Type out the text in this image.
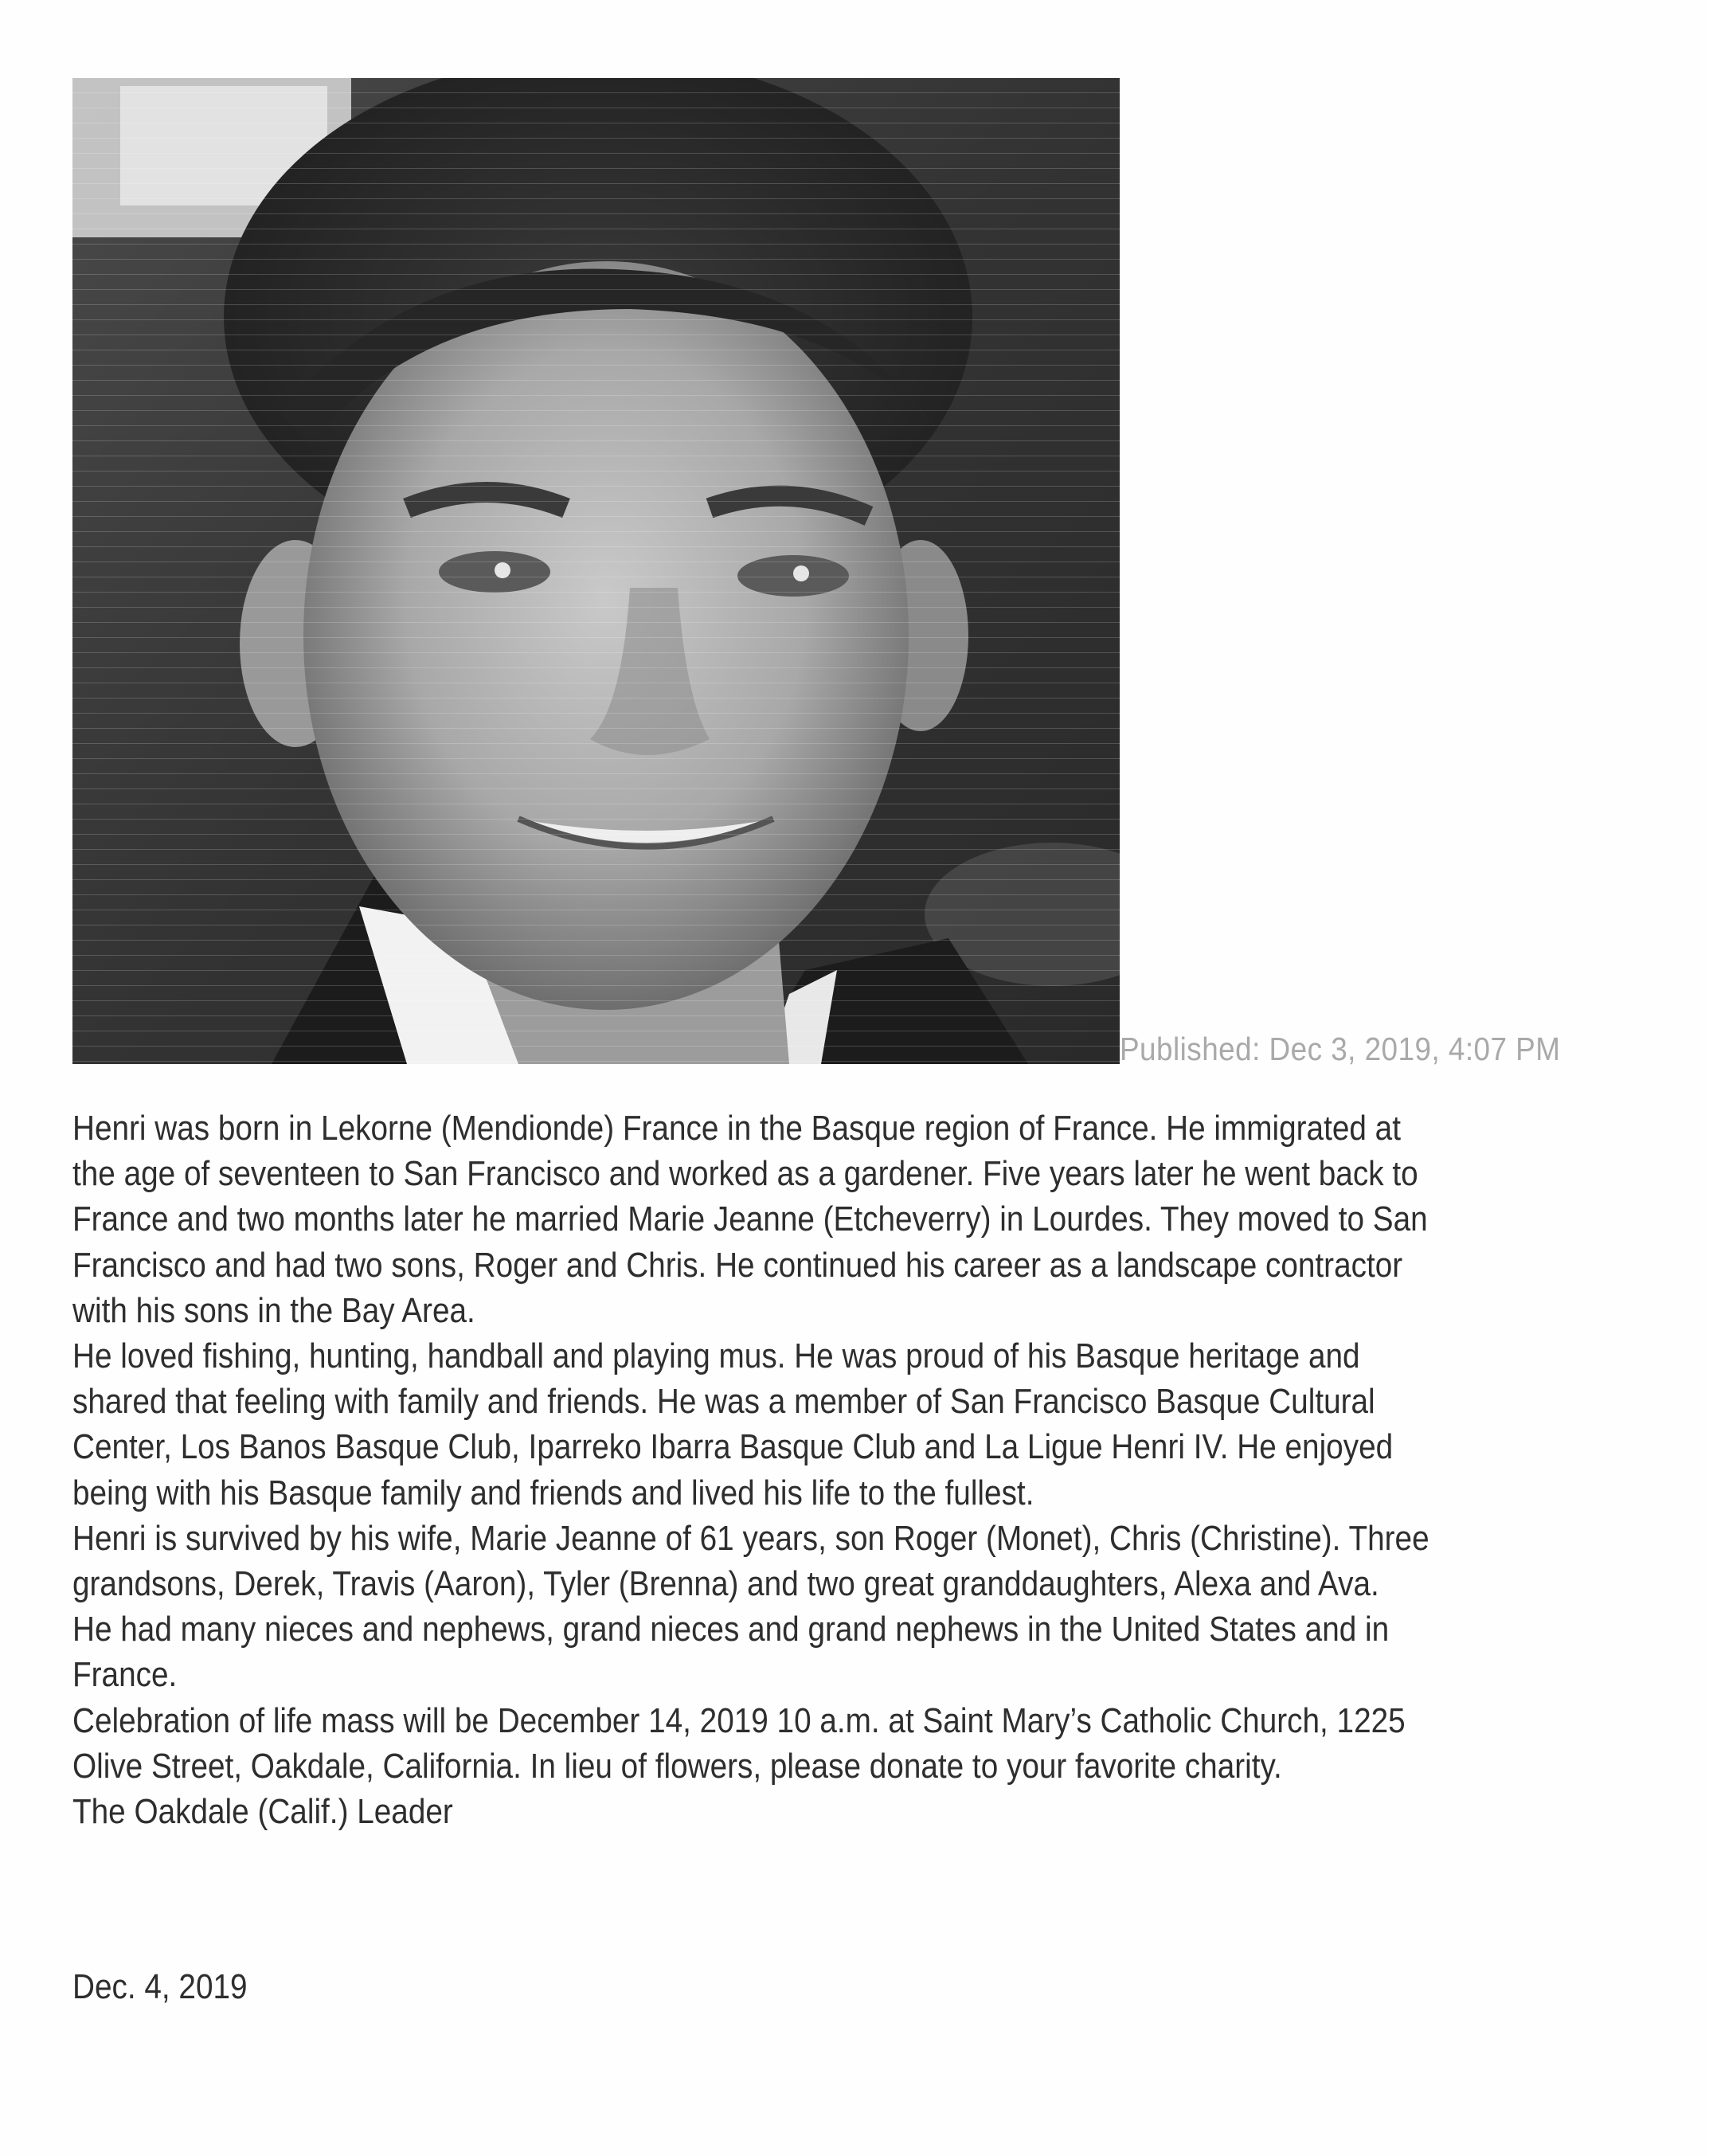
Published: Dec 3, 2019, 4:07 PM
Henri was born in Lekorne (Mendionde) France in the Basque region of France. He immigrated at
the age of seventeen to San Francisco and worked as a gardener. Five years later he went back to
France and two months later he married Marie Jeanne (Etcheverry) in Lourdes. They moved to San
Francisco and had two sons, Roger and Chris. He continued his career as a landscape contractor
with his sons in the Bay Area.
He loved fishing, hunting, handball and playing mus. He was proud of his Basque heritage and
shared that feeling with family and friends. He was a member of San Francisco Basque Cultural
Center, Los Banos Basque Club, Iparreko Ibarra Basque Club and La Ligue Henri IV. He enjoyed
being with his Basque family and friends and lived his life to the fullest.
Henri is survived by his wife, Marie Jeanne of 61 years, son Roger (Monet), Chris (Christine). Three
grandsons, Derek, Travis (Aaron), Tyler (Brenna) and two great granddaughters, Alexa and Ava.
He had many nieces and nephews, grand nieces and grand nephews in the United States and in
France.
Celebration of life mass will be December 14, 2019 10 a.m. at Saint Mary’s Catholic Church, 1225
Olive Street, Oakdale, California. In lieu of flowers, please donate to your favorite charity.
The Oakdale (Calif.) Leader
Dec. 4, 2019
